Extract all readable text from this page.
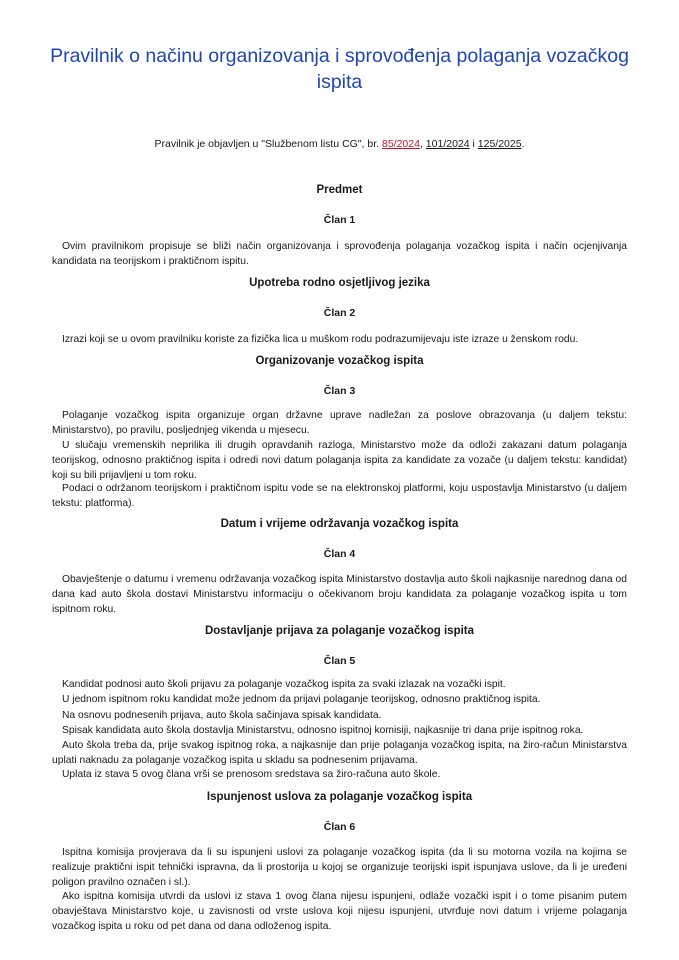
Pravilnik o načinu organizovanja i sprovođenja polaganja vozačkog ispita

Pravilnik je objavljen u "Službenom listu CG", br. 85/2024, 101/2024 i 125/2025.

Predmet

Član 1

Ovim pravilnikom propisuje se bliži način organizovanja i sprovođenja polaganja vozačkog ispita i način ocjenjivanja kandidata na teorijskom i praktičnom ispitu.

Upotreba rodno osjetljivog jezika

Član 2

Izrazi koji se u ovom pravilniku koriste za fizička lica u muškom rodu podrazumijevaju iste izraze u ženskom rodu.

Organizovanje vozačkog ispita

Član 3

Polaganje vozačkog ispita organizuje organ državne uprave nadležan za poslove obrazovanja (u daljem tekstu: Ministarstvo), po pravilu, posljednjeg vikenda u mjesecu.

U slučaju vremenskih neprilika ili drugih opravdanih razloga, Ministarstvo može da odloži zakazani datum polaganja teorijskog, odnosno praktičnog ispita i odredi novi datum polaganja ispita za kandidate za vozače (u daljem tekstu: kandidat) koji su bili prijavljeni u tom roku.

Podaci o održanom teorijskom i praktičnom ispitu vode se na elektronskoj platformi, koju uspostavlja Ministarstvo (u daljem tekstu: platforma).

Datum i vrijeme održavanja vozačkog ispita

Član 4

Obavještenje o datumu i vremenu održavanja vozačkog ispita Ministarstvo dostavlja auto školi najkasnije narednog dana od dana kad auto škola dostavi Ministarstvu informaciju o očekivanom broju kandidata za polaganje vozačkog ispita u tom ispitnom roku.

Dostavljanje prijava za polaganje vozačkog ispita

Član 5

Kandidat podnosi auto školi prijavu za polaganje vozačkog ispita za svaki izlazak na vozački ispit.

U jednom ispitnom roku kandidat može jednom da prijavi polaganje teorijskog, odnosno praktičnog ispita.

Na osnovu podnesenih prijava, auto škola sačinjava spisak kandidata.

Spisak kandidata auto škola dostavlja Ministarstvu, odnosno ispitnoj komisiji, najkasnije tri dana prije ispitnog roka.

Auto škola treba da, prije svakog ispitnog roka, a najkasnije dan prije polaganja vozačkog ispita, na žiro-račun Ministarstva uplati naknadu za polaganje vozačkog ispita u skladu sa podnesenim prijavama.

Uplata iz stava 5 ovog člana vrši se prenosom sredstava sa žiro-računa auto škole.

Ispunjenost uslova za polaganje vozačkog ispita

Član 6

Ispitna komisija provjerava da li su ispunjeni uslovi za polaganje vozačkog ispita (da li su motorna vozila na kojima se realizuje praktični ispit tehnički ispravna, da li prostorija u kojoj se organizuje teorijski ispit ispunjava uslove, da li je uređeni poligon pravilno označen i sl.).

Ako ispitna komisija utvrdi da uslovi iz stava 1 ovog člana nijesu ispunjeni, odlaže vozački ispit i o tome pisanim putem obavještava Ministarstvo koje, u zavisnosti od vrste uslova koji nijesu ispunjeni, utvrđuje novi datum i vrijeme polaganja vozačkog ispita u roku od pet dana od dana odloženog ispita.
